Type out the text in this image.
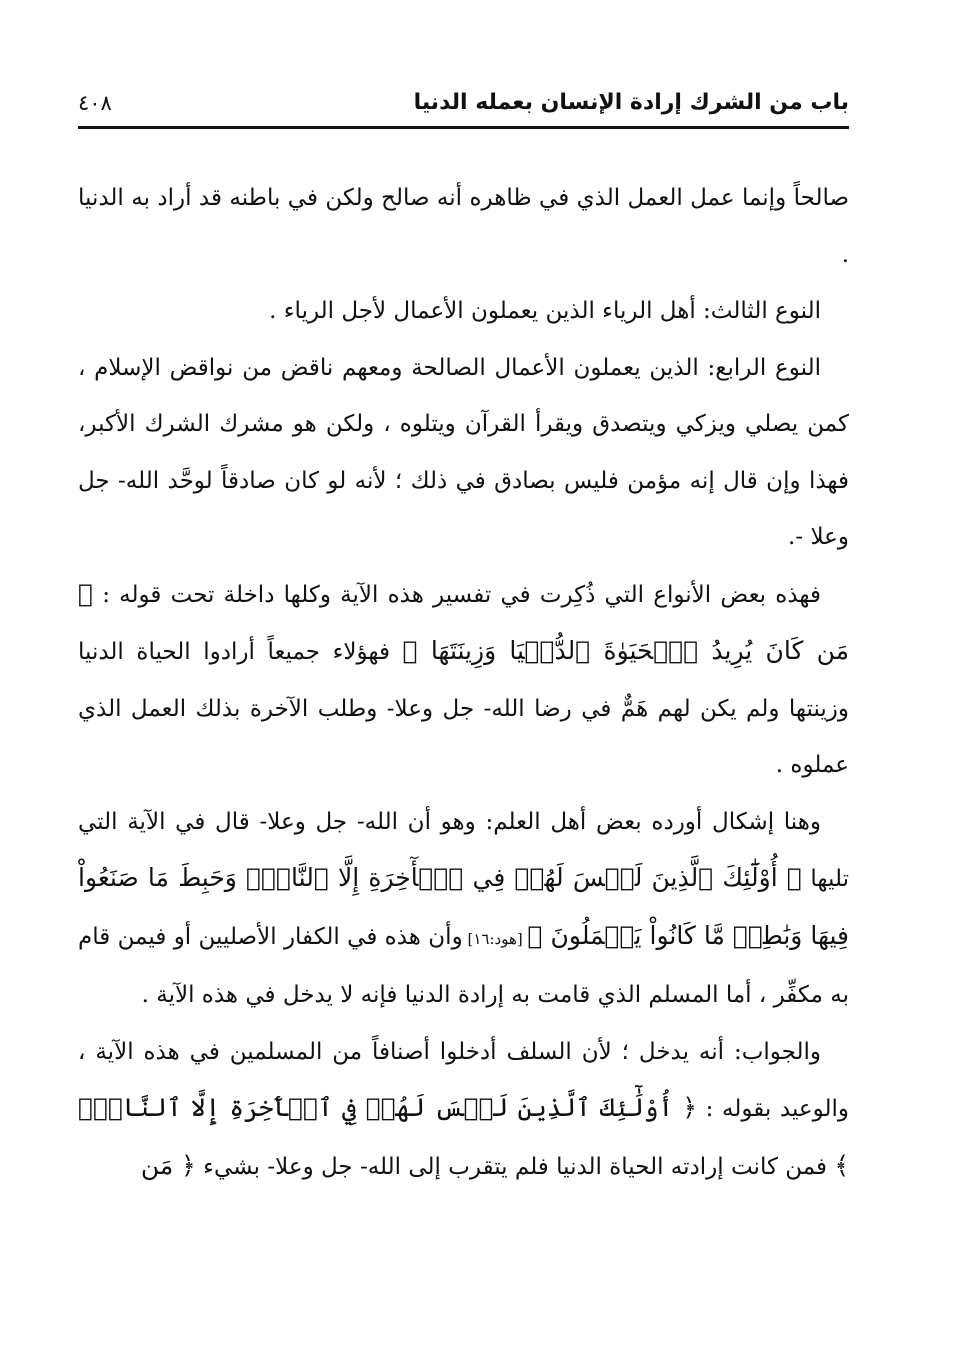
باب من الشرك إرادة الإنسان بعمله الدنيا
٤٠٨

صالحاً وإنما عمل العمل الذي في ظاهره أنه صالح ولكن في باطنه قد أراد به الدنيا .

النوع الثالث: أهل الرياء الذين يعملون الأعمال لأجل الرياء .

النوع الرابع: الذين يعملون الأعمال الصالحة ومعهم ناقض من نواقض الإسلام ، كمن يصلي ويزكي ويتصدق ويقرأ القرآن ويتلوه ، ولكن هو مشرك الشرك الأكبر، فهذا وإن قال إنه مؤمن فليس بصادق في ذلك ؛ لأنه لو كان صادقاً لوحَّد الله- جل وعلا -.

فهذه بعض الأنواع التي ذُكِرت في تفسير هذه الآية وكلها داخلة تحت قوله : ﴿ مَن كَانَ يُرِيدُ ٱلۡحَيَوٰةَ ٱلدُّنۡيَا وَزِينَتَهَا ﴾ فهؤلاء جميعاً أرادوا الحياة الدنيا وزينتها ولم يكن لهم هَمٌّ في رضا الله- جل وعلا- وطلب الآخرة بذلك العمل الذي عملوه .

وهنا إشكال أورده بعض أهل العلم: وهو أن الله- جل وعلا- قال في الآية التي تليها ﴿ أُوْلَٰٓئِكَ ٱلَّذِينَ لَيۡسَ لَهُمۡ فِي ٱلۡأٓخِرَةِ إِلَّا ٱلنَّارُۖ وَحَبِطَ مَا صَنَعُواْ فِيهَا وَبَٰطِلٞ مَّا كَانُواْ يَعۡمَلُونَ ﴾ [هود:١٦] وأن هذه في الكفار الأصليين أو فيمن قام به مكفِّر ، أما المسلم الذي قامت به إرادة الدنيا فإنه لا يدخل في هذه الآية .

والجواب: أنه يدخل ؛ لأن السلف أدخلوا أصنافاً من المسلمين في هذه الآية ، والوعيد بقوله : ﴿ أُوْلَٰٓئِكَ ٱلَّذِينَ لَيۡسَ لَهُمۡ فِي ٱلۡأٓخِرَةِ إِلَّا ٱلنَّارُۖ ﴾ فمن كانت إرادته الحياة الدنيا فلم يتقرب إلى الله- جل وعلا- بشيء ﴿ مَن
